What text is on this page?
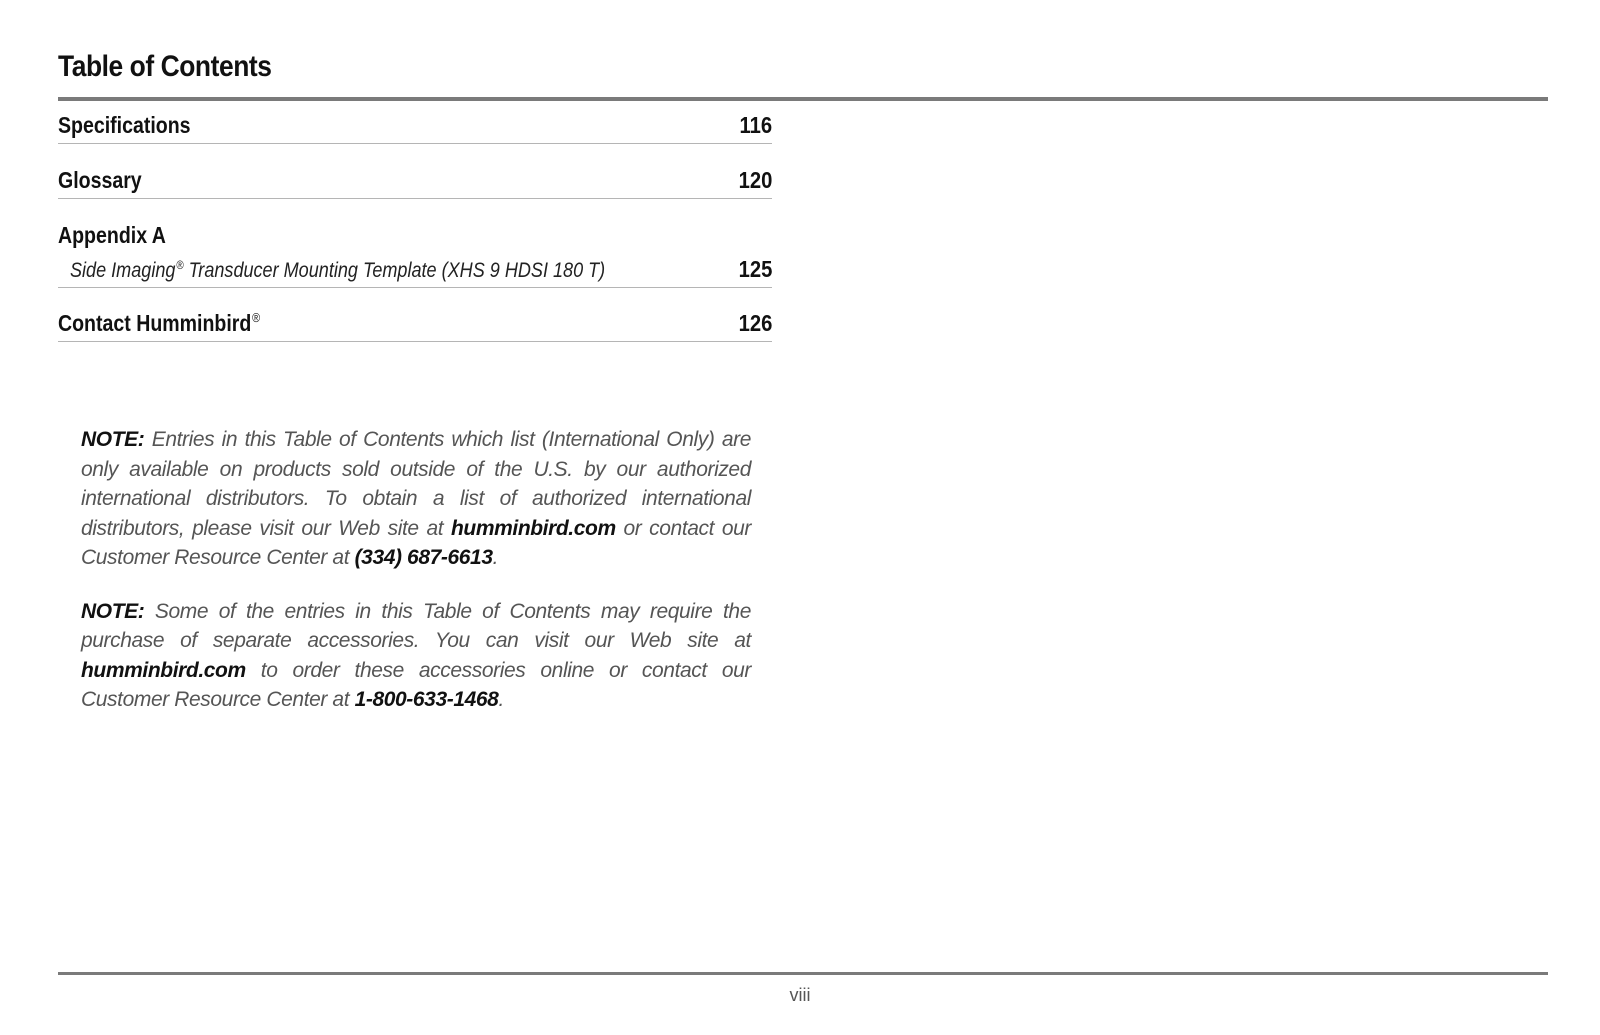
Table of Contents
Specifications	116
Glossary	120
Appendix A
Side Imaging® Transducer Mounting Template (XHS 9 HDSI 180 T)	125
Contact Humminbird®	126

NOTE: Entries in this Table of Contents which list (International Only) are only available on products sold outside of the U.S. by our authorized international distributors. To obtain a list of authorized international distributors, please visit our Web site at humminbird.com or contact our Customer Resource Center at (334) 687-6613.

NOTE: Some of the entries in this Table of Contents may require the purchase of separate accessories. You can visit our Web site at humminbird.com to order these accessories online or contact our Customer Resource Center at 1-800-633-1468.

viii
